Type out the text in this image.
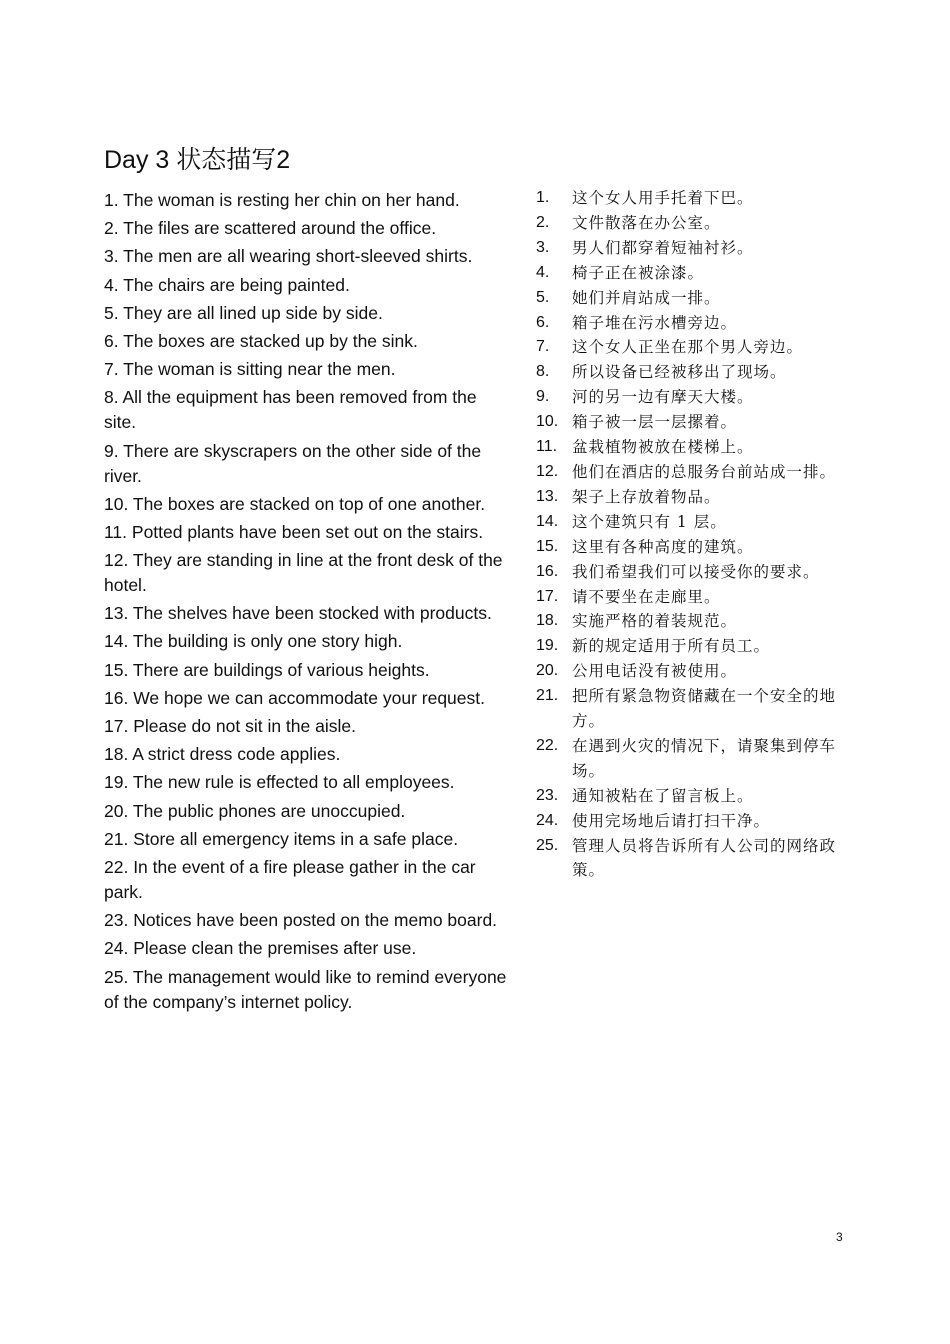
Day 3 状态描写2
1. The woman is resting her chin on her hand.
2. The files are scattered around the office.
3. The men are all wearing short-sleeved shirts.
4. The chairs are being painted.
5. They are all lined up side by side.
6. The boxes are stacked up by the sink.
7. The woman is sitting near the men.
8. All the equipment has been removed from the site.
9. There are skyscrapers on the other side of the river.
10. The boxes are stacked on top of one another.
11. Potted plants have been set out on the stairs.
12. They are standing in line at the front desk of the hotel.
13. The shelves have been stocked with products.
14. The building is only one story high.
15. There are buildings of various heights.
16. We hope we can accommodate your request.
17. Please do not sit in the aisle.
18. A strict dress code applies.
19. The new rule is effected to all employees.
20. The public phones are unoccupied.
21. Store all emergency items in a safe place.
22. In the event of a fire please gather in the car park.
23. Notices have been posted on the memo board.
24. Please clean the premises after use.
25. The management would like to remind everyone of the company’s internet policy.
1.	这个女人用手托着下巴。
2.	文件散落在办公室。
3.	男人们都穿着短袖衬衫。
4.	椅子正在被涂漆。
5.	她们并肩站成一排。
6.	箱子堆在污水槽旁边。
7.	这个女人正坐在那个男人旁边。
8.	所以设备已经被移出了现场。
9.	河的另一边有摩天大楼。
10. 箱子被一层一层摞着。
11. 盆栽植物被放在楼梯上。
12. 他们在酒店的总服务台前站成一排。
13. 架子上存放着物品。
14. 这个建筑只有 1 层。
15. 这里有各种高度的建筑。
16. 我们希望我们可以接受你的要求。
17. 请不要坐在走廊里。
18. 实施严格的着装规范。
19. 新的规定适用于所有员工。
20. 公用电话没有被使用。
21. 把所有紧急物资储藏在一个安全的地方。
22. 在遇到火灾的情况下，请聚集到停车场。
23. 通知被粘在了留言板上。
24. 使用完场地后请打扫干净。
25. 管理人员将告诉所有人公司的网络政策。
3
